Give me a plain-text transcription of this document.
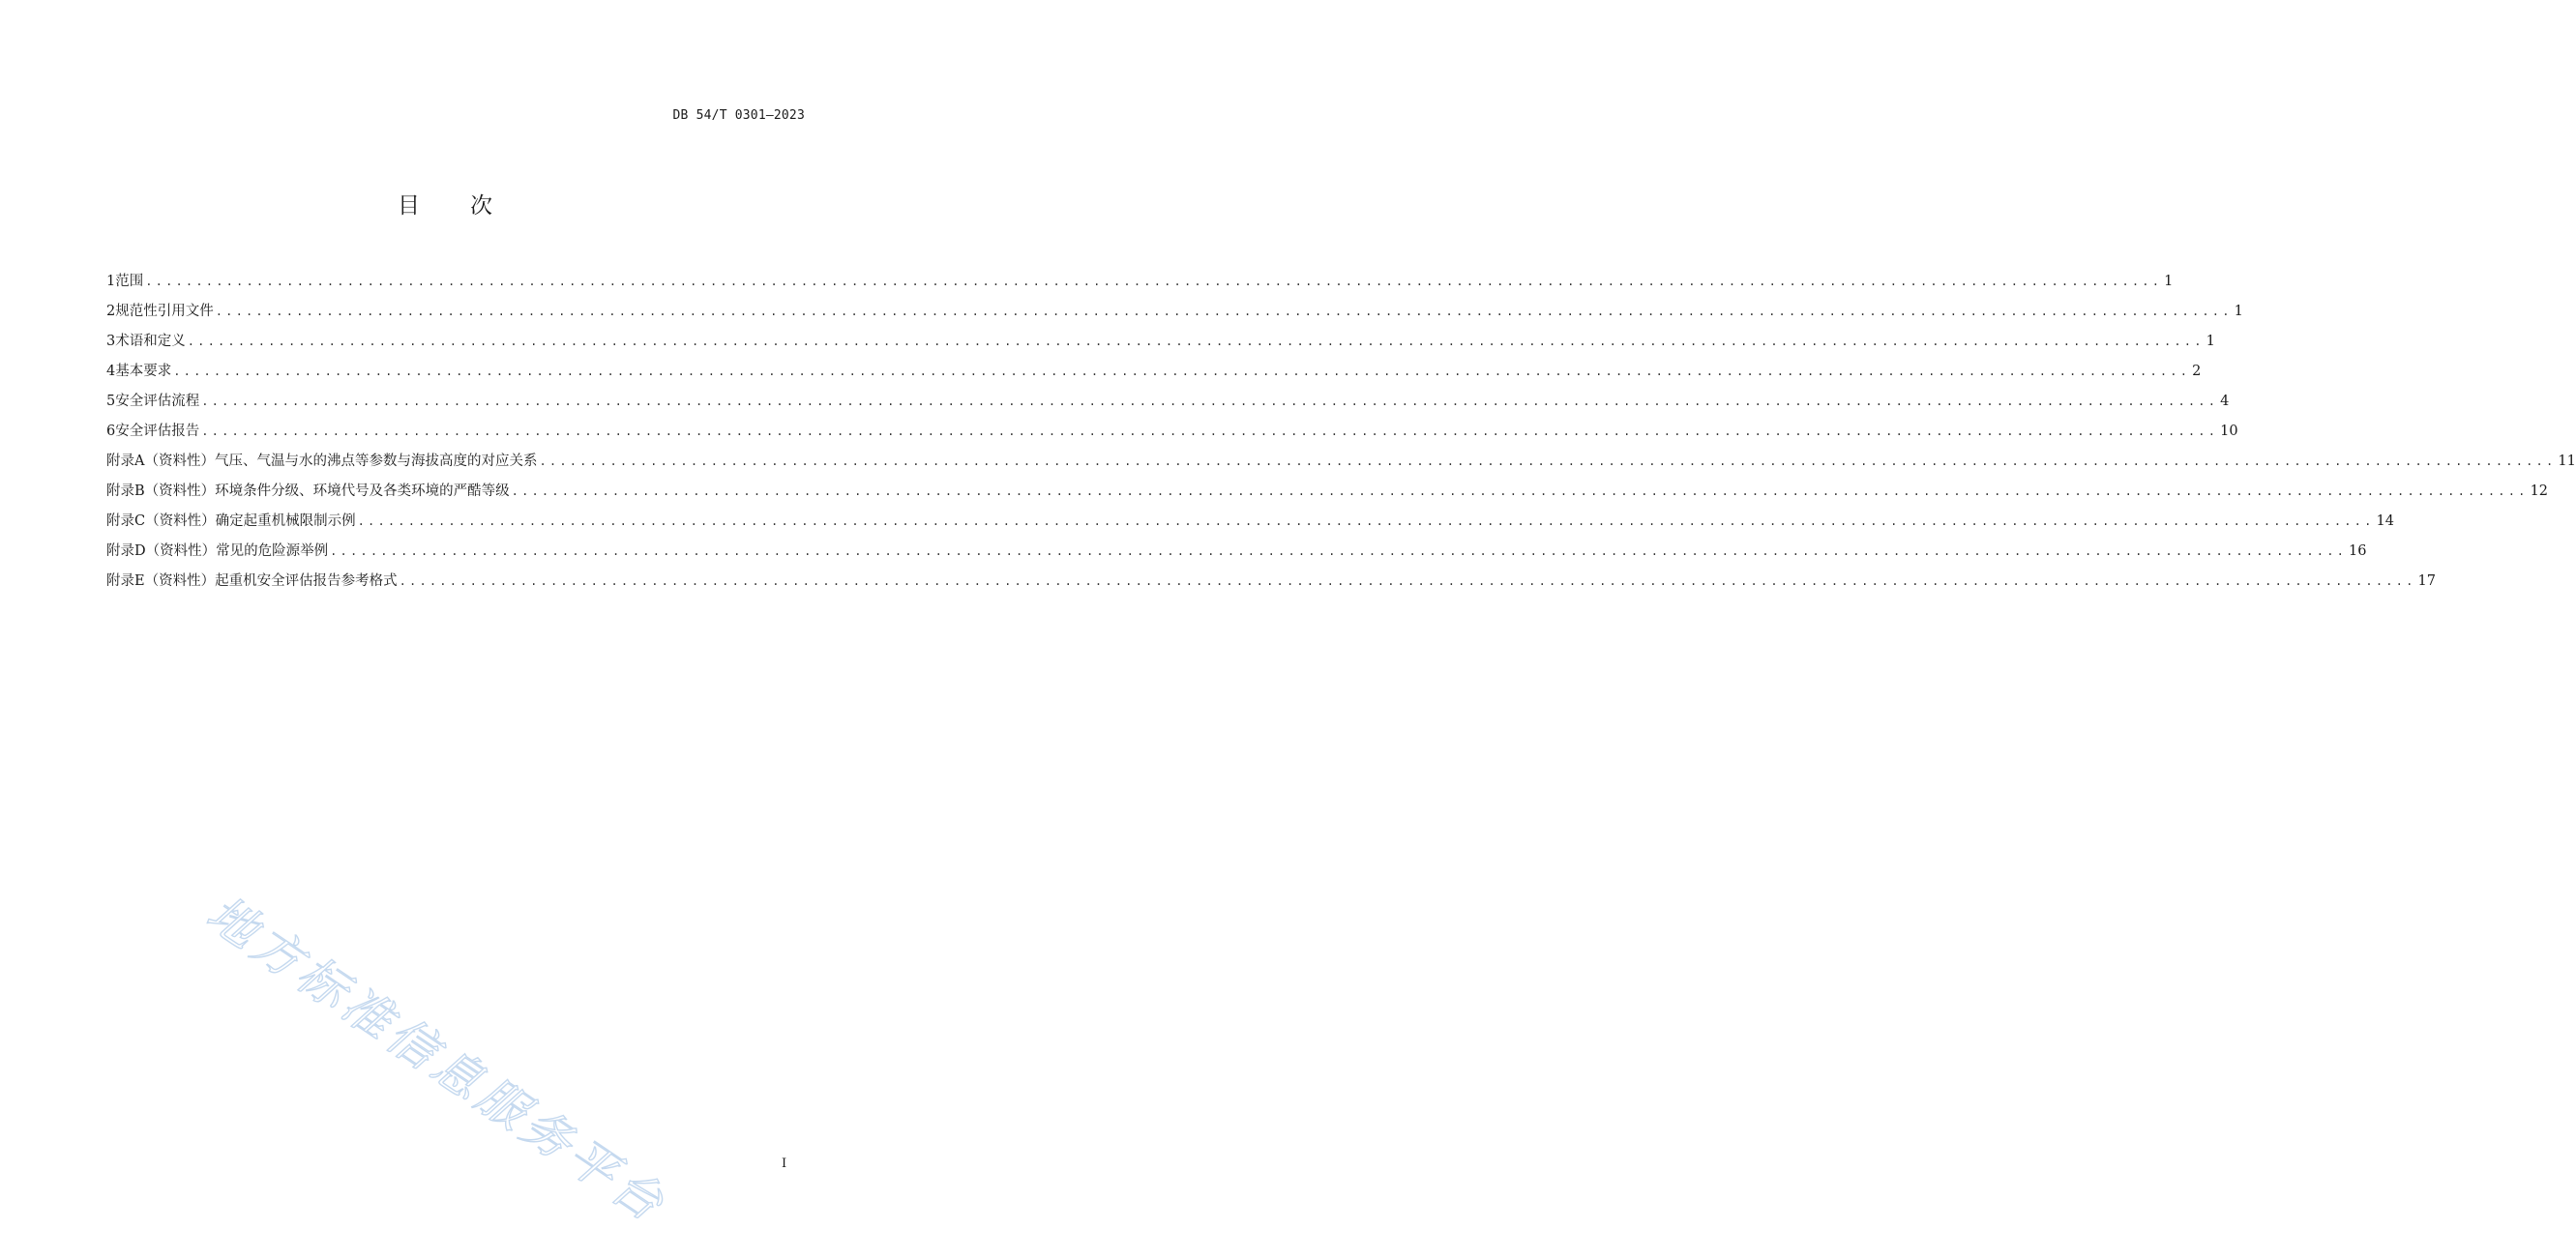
DB 54/T 0301—2023
目 次
1 范围 ........................................................................................................................................................................................................ 1
2 规范性引用文件 ........................................................................................................................................................................................................ 1
3 术语和定义 ........................................................................................................................................................................................................ 1
4 基本要求 ........................................................................................................................................................................................................ 2
5 安全评估流程 ........................................................................................................................................................................................................ 4
6 安全评估报告 ........................................................................................................................................................................................................ 10
附录A（资料性） 气压、气温与水的沸点等参数与海拔高度的对应关系 ........................................................................................................................................................................................................ 11
附录B（资料性） 环境条件分级、环境代号及各类环境的严酷等级 ........................................................................................................................................................................................................ 12
附录C（资料性） 确定起重机械限制示例 ........................................................................................................................................................................................................ 14
附录D（资料性） 常见的危险源举例 ........................................................................................................................................................................................................ 16
附录E（资料性） 起重机安全评估报告参考格式 ........................................................................................................................................................................................................ 17
地方标准信息服务平台	I
